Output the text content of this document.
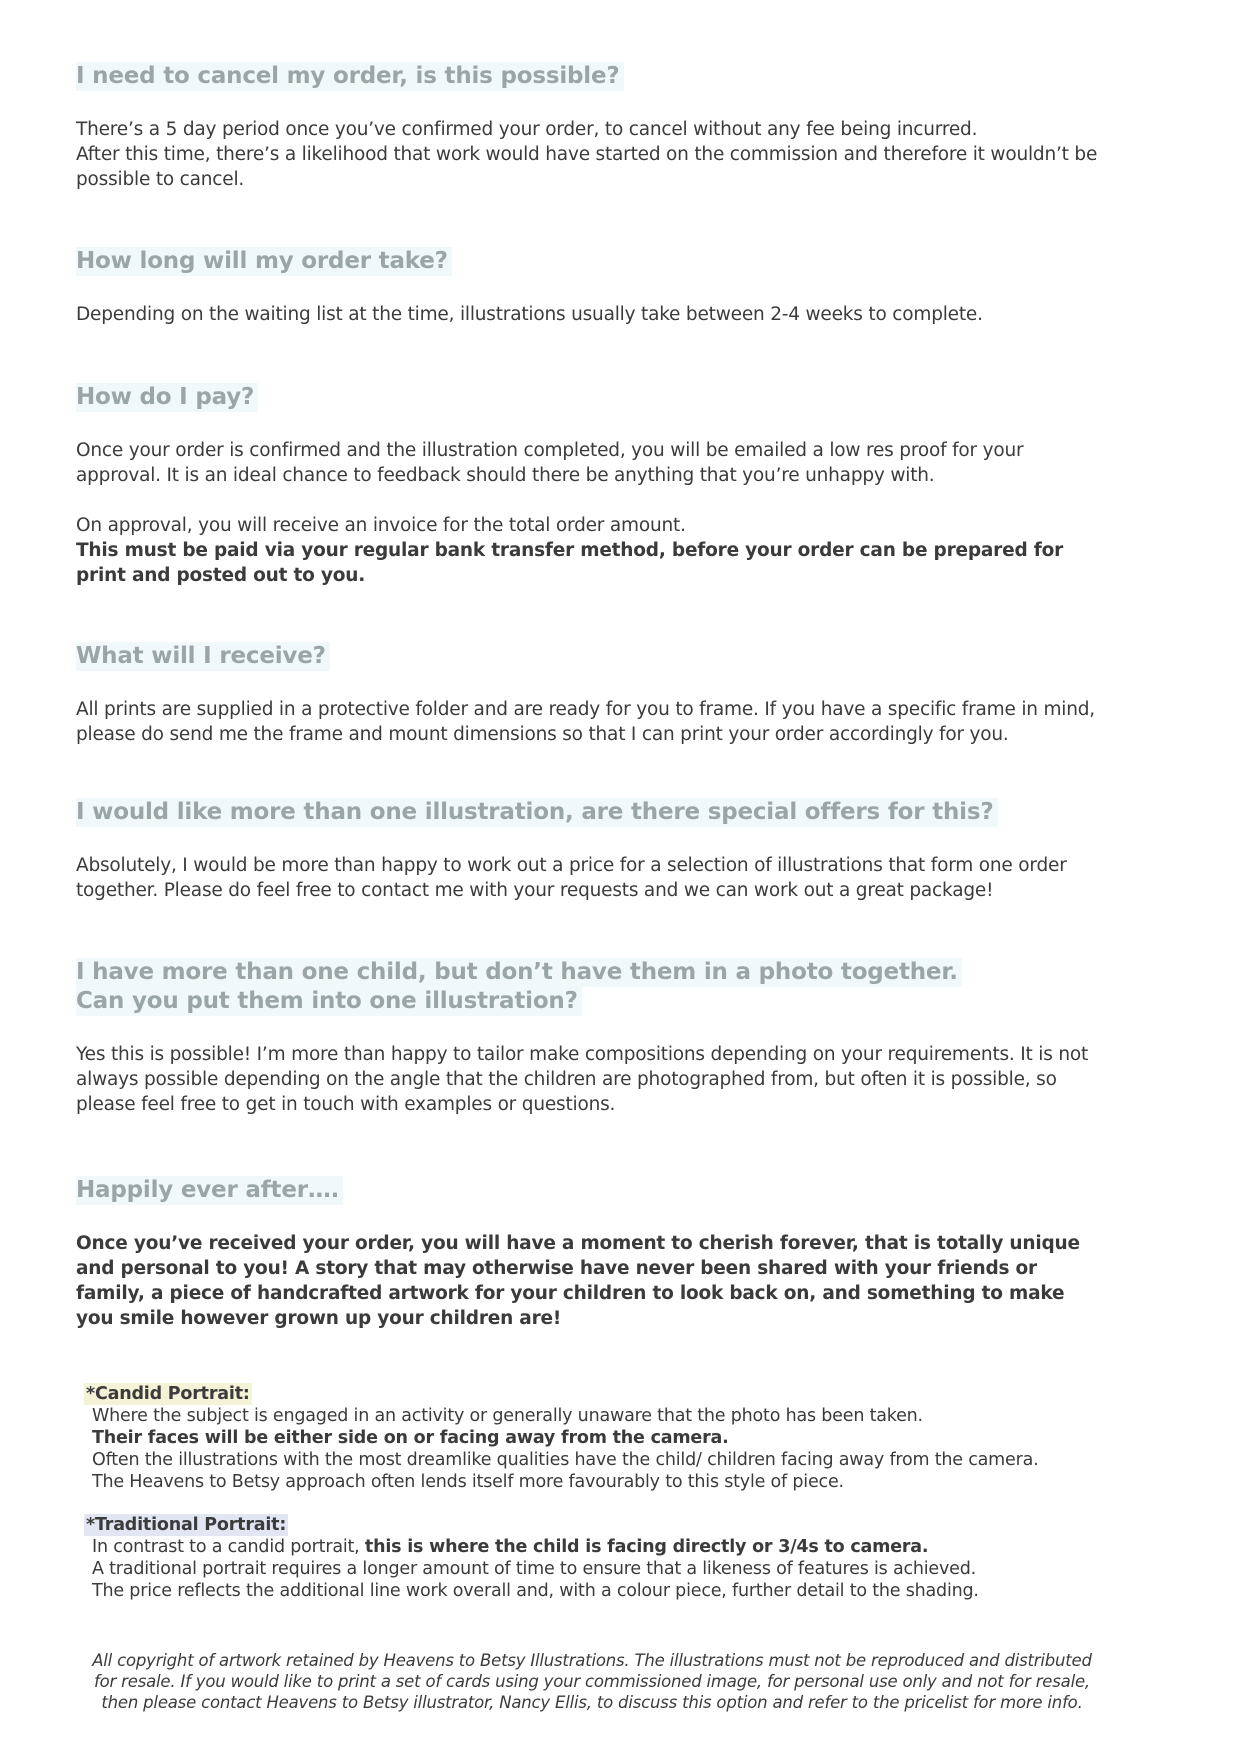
I need to cancel my order, is this possible?

There’s a 5 day period once you’ve confirmed your order, to cancel without any fee being incurred.

After this time, there’s a likelihood that work would have started on the commission and therefore it wouldn’t be possible to cancel.

How long will my order take?

Depending on the waiting list at the time, illustrations usually take between 2-4 weeks to complete.

How do I pay?

Once your order is confirmed and the illustration completed, you will be emailed a low res proof for your approval. It is an ideal chance to feedback should there be anything that you’re unhappy with.

On approval, you will receive an invoice for the total order amount.

This must be paid via your regular bank transfer method, before your order can be prepared for print and posted out to you.

What will I receive?

All prints are supplied in a protective folder and are ready for you to frame. If you have a specific frame in mind, please do send me the frame and mount dimensions so that I can print your order accordingly for you.

I would like more than one illustration, are there special offers for this?

Absolutely, I would be more than happy to work out a price for a selection of illustrations that form one order together. Please do feel free to contact me with your requests and we can work out a great package!

I have more than one child, but don’t have them in a photo together.
Can you put them into one illustration?

Yes this is possible! I’m more than happy to tailor make compositions depending on your requirements. It is not always possible depending on the angle that the children are photographed from, but often it is possible, so please feel free to get in touch with examples or questions.

Happily ever after….

Once you’ve received your order, you will have a moment to cherish forever, that is totally unique and personal to you! A story that may otherwise have never been shared with your friends or family, a piece of handcrafted artwork for your children to look back on, and something to make you smile however grown up your children are!

*Candid Portrait:

Where the subject is engaged in an activity or generally unaware that the photo has been taken.

Their faces will be either side on or facing away from the camera.

Often the illustrations with the most dreamlike qualities have the child/ children facing away from the camera.

The Heavens to Betsy approach often lends itself more favourably to this style of piece.

*Traditional Portrait:

In contrast to a candid portrait, this is where the child is facing directly or 3/4s to camera.

A traditional portrait requires a longer amount of time to ensure that a likeness of features is achieved.

The price reflects the additional line work overall and, with a colour piece, further detail to the shading.

All copyright of artwork retained by Heavens to Betsy Illustrations. The illustrations must not be reproduced and distributed for resale. If you would like to print a set of cards using your commissioned image, for personal use only and not for resale, then please contact Heavens to Betsy illustrator, Nancy Ellis, to discuss this option and refer to the pricelist for more info.
